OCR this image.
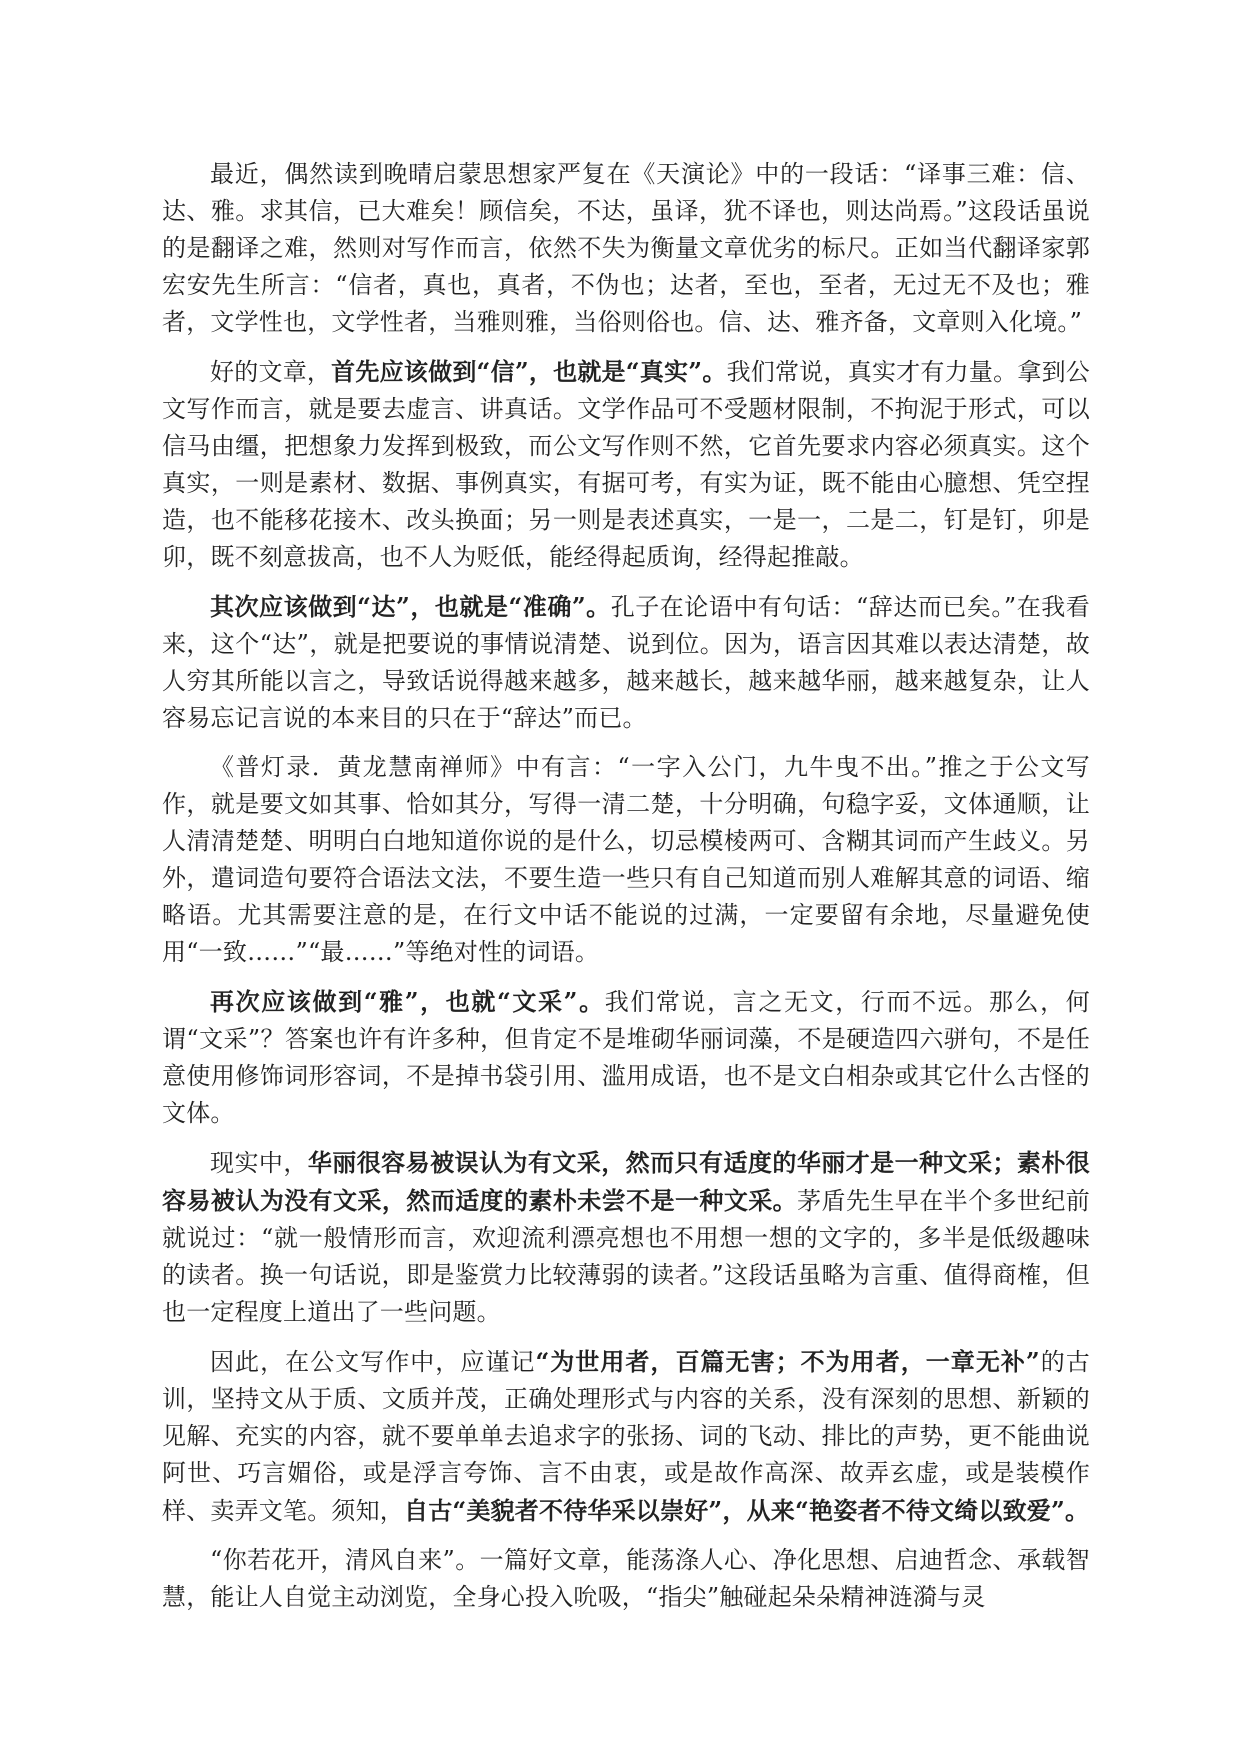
最近，偶然读到晚晴启蒙思想家严复在《天演论》中的一段话：“译事三难：信、达、雅。求其信，已大难矣！顾信矣，不达，虽译，犹不译也，则达尚焉。”这段话虽说的是翻译之难，然则对写作而言，依然不失为衡量文章优劣的标尺。正如当代翻译家郭宏安先生所言：“信者，真也，真者，不伪也；达者，至也，至者，无过无不及也；雅者，文学性也，文学性者，当雅则雅，当俗则俗也。信、达、雅齐备，文章则入化境。”

好的文章，首先应该做到“信”，也就是“真实”。我们常说，真实才有力量。拿到公文写作而言，就是要去虚言、讲真话。文学作品可不受题材限制，不拘泥于形式，可以信马由缰，把想象力发挥到极致，而公文写作则不然，它首先要求内容必须真实。这个真实，一则是素材、数据、事例真实，有据可考，有实为证，既不能由心臆想、凭空捏造，也不能移花接木、改头换面；另一则是表述真实，一是一，二是二，钉是钉，卯是卯，既不刻意拔高，也不人为贬低，能经得起质询，经得起推敲。

其次应该做到“达”，也就是“准确”。孔子在论语中有句话：“辞达而已矣。”在我看来，这个“达”，就是把要说的事情说清楚、说到位。因为，语言因其难以表达清楚，故人穷其所能以言之，导致话说得越来越多，越来越长，越来越华丽，越来越复杂，让人容易忘记言说的本来目的只在于“辞达”而已。

《普灯录．黄龙慧南禅师》中有言：“一字入公门，九牛曳不出。”推之于公文写作，就是要文如其事、恰如其分，写得一清二楚，十分明确，句稳字妥，文体通顺，让人清清楚楚、明明白白地知道你说的是什么，切忌模棱两可、含糊其词而产生歧义。另外，遣词造句要符合语法文法，不要生造一些只有自己知道而别人难解其意的词语、缩略语。尤其需要注意的是，在行文中话不能说的过满，一定要留有余地，尽量避免使用“一致……”“最……”等绝对性的词语。

再次应该做到“雅”，也就“文采”。我们常说，言之无文，行而不远。那么，何谓“文采”？答案也许有许多种，但肯定不是堆砌华丽词藻，不是硬造四六骈句，不是任意使用修饰词形容词，不是掉书袋引用、滥用成语，也不是文白相杂或其它什么古怪的文体。

现实中，华丽很容易被误认为有文采，然而只有适度的华丽才是一种文采；素朴很容易被认为没有文采，然而适度的素朴未尝不是一种文采。茅盾先生早在半个多世纪前就说过：“就一般情形而言，欢迎流利漂亮想也不用想一想的文字的，多半是低级趣味的读者。换一句话说，即是鉴赏力比较薄弱的读者。”这段话虽略为言重、值得商榷，但也一定程度上道出了一些问题。

因此，在公文写作中，应谨记“为世用者，百篇无害；不为用者，一章无补”的古训，坚持文从于质、文质并茂，正确处理形式与内容的关系，没有深刻的思想、新颖的见解、充实的内容，就不要单单去追求字的张扬、词的飞动、排比的声势，更不能曲说阿世、巧言媚俗，或是浮言夸饰、言不由衷，或是故作高深、故弄玄虚，或是装模作样、卖弄文笔。须知，自古“美貌者不待华采以崇好”，从来“艳姿者不待文绮以致爱”。

“你若花开，清风自来”。一篇好文章，能荡涤人心、净化思想、启迪哲念、承载智慧，能让人自觉主动浏览，全身心投入吮吸，“指尖”触碰起朵朵精神涟漪与灵
